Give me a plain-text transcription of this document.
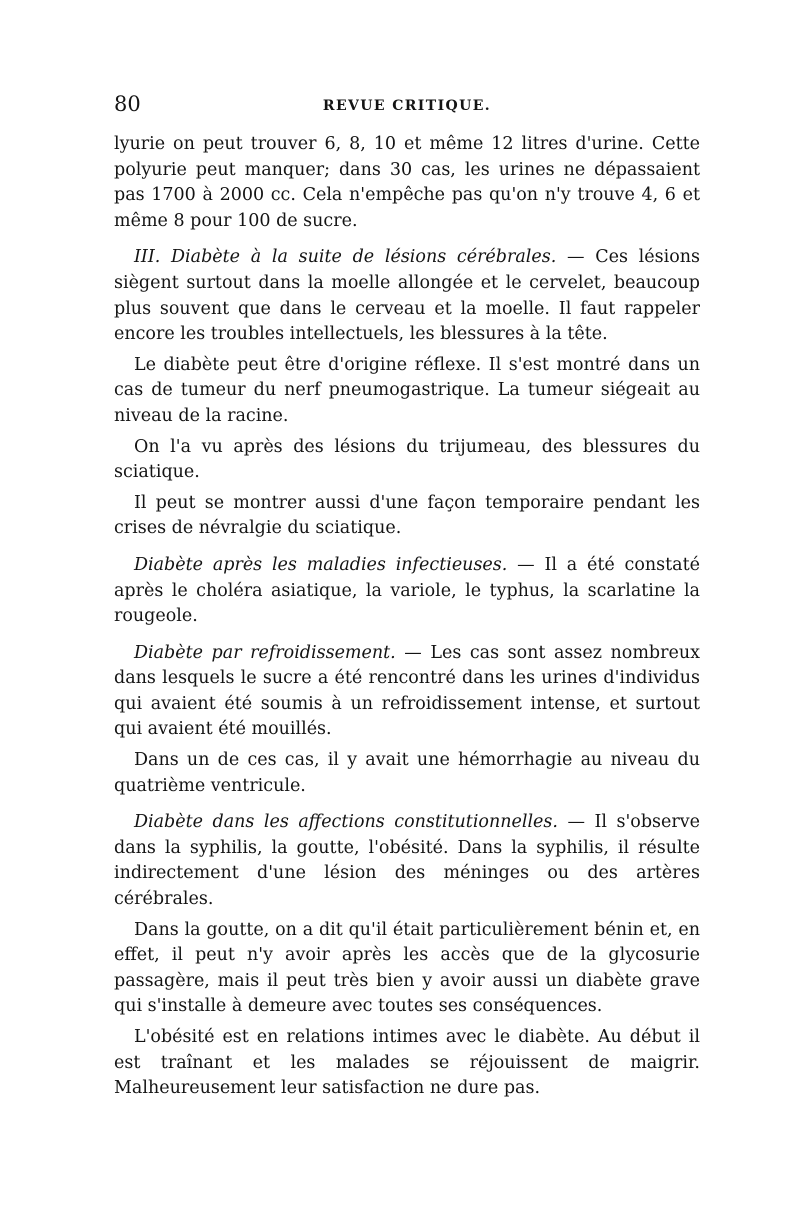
80	REVUE CRITIQUE.

lyurie on peut trouver 6, 8, 10 et même 12 litres d'urine. Cette polyurie peut manquer; dans 30 cas, les urines ne dépassaient pas 1700 à 2000 cc. Cela n'empêche pas qu'on n'y trouve 4, 6 et même 8 pour 100 de sucre.

III. Diabète à la suite de lésions cérébrales. — Ces lésions siègent surtout dans la moelle allongée et le cervelet, beaucoup plus souvent que dans le cerveau et la moelle. Il faut rappeler encore les troubles intellectuels, les blessures à la tête.

Le diabète peut être d'origine réflexe. Il s'est montré dans un cas de tumeur du nerf pneumogastrique. La tumeur siégeait au niveau de la racine.

On l'a vu après des lésions du trijumeau, des blessures du sciatique.

Il peut se montrer aussi d'une façon temporaire pendant les crises de névralgie du sciatique.

Diabète après les maladies infectieuses. — Il a été constaté après le choléra asiatique, la variole, le typhus, la scarlatine la rougeole.

Diabète par refroidissement. — Les cas sont assez nombreux dans lesquels le sucre a été rencontré dans les urines d'individus qui avaient été soumis à un refroidissement intense, et surtout qui avaient été mouillés.

Dans un de ces cas, il y avait une hémorrhagie au niveau du quatrième ventricule.

Diabète dans les affections constitutionnelles. — Il s'observe dans la syphilis, la goutte, l'obésité. Dans la syphilis, il résulte indirectement d'une lésion des méninges ou des artères cérébrales.

Dans la goutte, on a dit qu'il était particulièrement bénin et, en effet, il peut n'y avoir après les accès que de la glycosurie passagère, mais il peut très bien y avoir aussi un diabète grave qui s'installe à demeure avec toutes ses conséquences.

L'obésité est en relations intimes avec le diabète. Au début il est traînant et les malades se réjouissent de maigrir. Malheureusement leur satisfaction ne dure pas.
